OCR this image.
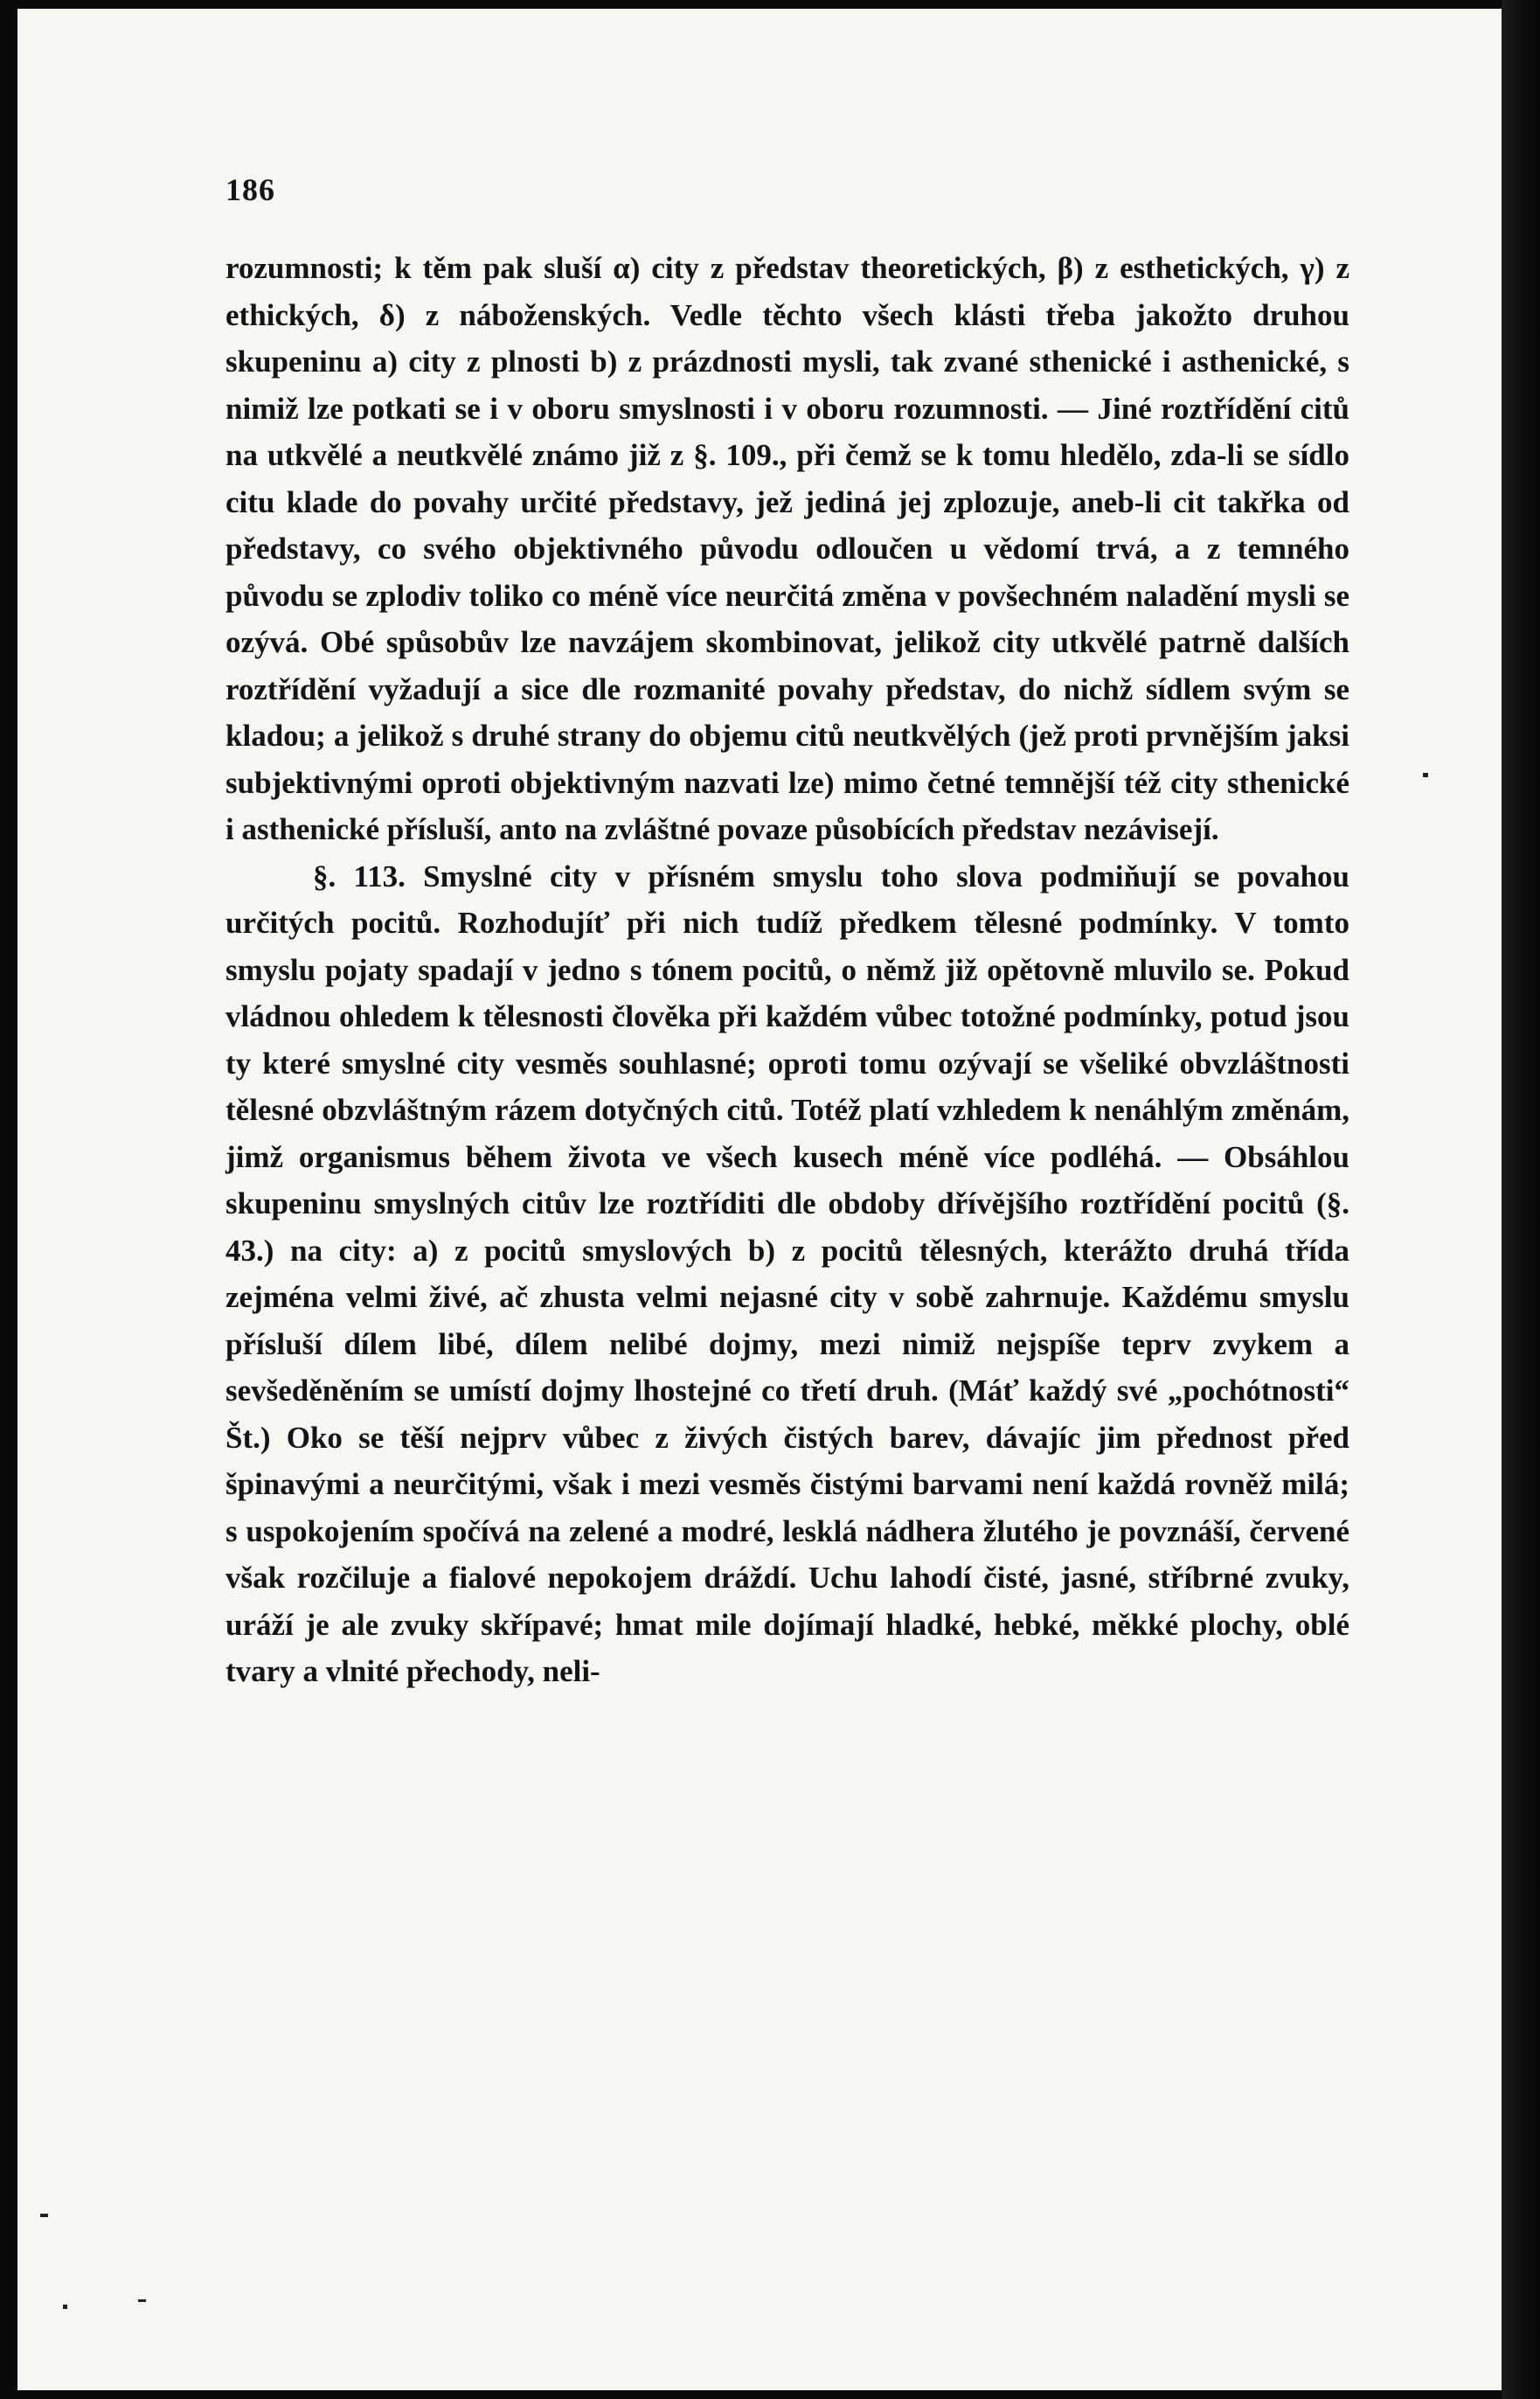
186

rozumnosti; k těm pak sluší α) city z představ theoretických, β) z esthetických, γ) z ethických, δ) z náboženských. Vedle těchto všech klásti třeba jakožto druhou skupeninu a) city z plnosti b) z prázdnosti mysli, tak zvané sthenické i asthenické, s nimiž lze potkati se i v oboru smyslnosti i v oboru rozumnosti. — Jiné roztřídění citů na utkvělé a neutkvělé známo již z §. 109., při čemž se k tomu hledělo, zda-li se sídlo citu klade do povahy určité představy, jež jediná jej zplozuje, aneb-li cit takřka od představy, co svého objektivného původu odloučen u vědomí trvá, a z temného původu se zplodiv toliko co méně více neurčitá změna v povšechném naladění mysli se ozývá. Obé spůsobův lze navzájem skombinovat, jelikož city utkvělé patrně dalších roztřídění vyžadují a sice dle rozmanité povahy představ, do nichž sídlem svým se kladou; a jelikož s druhé strany do objemu citů neutkvělých (jež proti prvnějším jaksi subjektivnými oproti objektivným nazvati lze) mimo četné temnější též city sthenické i asthenické přísluší, anto na zvláštné povaze působících představ nezávisejí.

§. 113. Smyslné city v přísném smyslu toho slova podmiňují se povahou určitých pocitů. Rozhodujíť při nich tudíž předkem tělesné podmínky. V tomto smyslu pojaty spadají v jedno s tónem pocitů, o němž již opětovně mluvilo se. Pokud vládnou ohledem k tělesnosti člověka při každém vůbec totožné podmínky, potud jsou ty které smyslné city vesměs souhlasné; oproti tomu ozývají se všeliké obvzláštnosti tělesné obzvláštným rázem dotyčných citů. Totéž platí vzhledem k nenáhlým změnám, jimž organismus během života ve všech kusech méně více podléhá. — Obsáhlou skupeninu smyslných citův lze roztříditi dle obdoby dřívějšího roztřídění pocitů (§. 43.) na city: a) z pocitů smyslových b) z pocitů tělesných, kterážto druhá třída zejména velmi živé, ač zhusta velmi nejasné city v sobě zahrnuje. Každému smyslu přísluší dílem libé, dílem nelibé dojmy, mezi nimiž nejspíše teprv zvykem a sevšeděněním se umístí dojmy lhostejné co třetí druh. (Máť každý své „pochótnosti“ Št.) Oko se těší nejprv vůbec z živých čistých barev, dávajíc jim přednost před špinavými a neurčitými, však i mezi vesměs čistými barvami není každá rovněž milá; s uspokojením spočívá na zelené a modré, lesklá nádhera žlutého je povznáší, červené však rozčiluje a fialové nepokojem dráždí. Uchu lahodí čisté, jasné, stříbrné zvuky, uráží je ale zvuky skřípavé; hmat mile dojímají hladké, hebké, měkké plochy, oblé tvary a vlnité přechody, neli-
